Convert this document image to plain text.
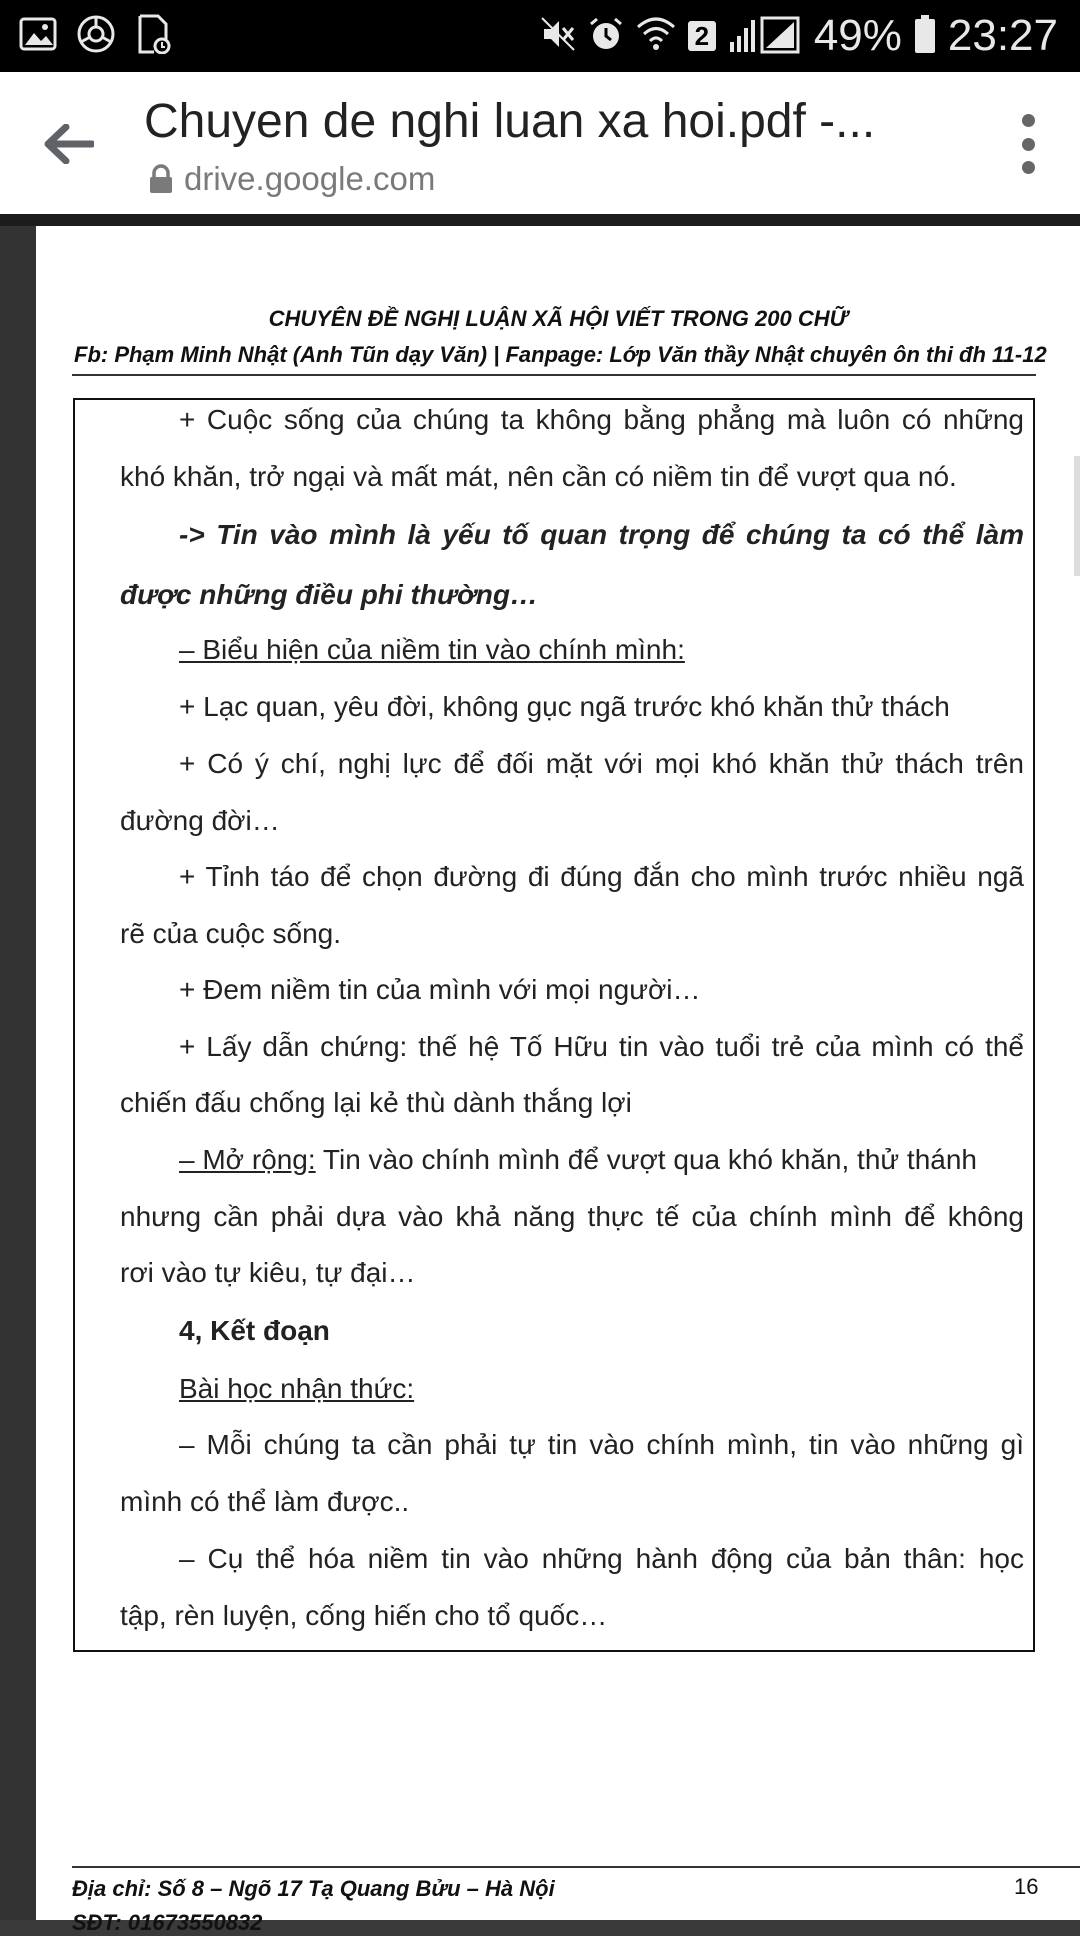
2 49% 23:27
Chuyen de nghi luan xa hoi.pdf -...
drive.google.com
CHUYÊN ĐỀ NGHỊ LUẬN XÃ HỘI VIẾT TRONG 200 CHỮ
Fb: Phạm Minh Nhật (Anh Tũn dạy Văn) | Fanpage: Lớp Văn thầy Nhật chuyên ôn thi đh 11-12
+ Cuộc sống của chúng ta không bằng phẳng mà luôn có những
khó khăn, trở ngại và mất mát, nên cần có niềm tin để vượt qua nó.
-> Tin vào mình là yếu tố quan trọng để chúng ta có thể làm
được những điều phi thường…
– Biểu hiện của niềm tin vào chính mình:
+ Lạc quan, yêu đời, không gục ngã trước khó khăn thử thách
+ Có ý chí, nghị lực để đối mặt với mọi khó khăn thử thách trên
đường đời…
+ Tỉnh táo để chọn đường đi đúng đắn cho mình trước nhiều ngã
rẽ của cuộc sống.
+ Đem niềm tin của mình với mọi người…
+ Lấy dẫn chứng: thế hệ Tố Hữu tin vào tuổi trẻ của mình có thể
chiến đấu chống lại kẻ thù dành thắng lợi
– Mở rộng: Tin vào chính mình để vượt qua khó khăn, thử thánh
nhưng cần phải dựa vào khả năng thực tế của chính mình để không
rơi vào tự kiêu, tự đại…
4, Kết đoạn
Bài học nhận thức:
– Mỗi chúng ta cần phải tự tin vào chính mình, tin vào những gì
mình có thể làm được..
– Cụ thể hóa niềm tin vào những hành động của bản thân: học
tập, rèn luyện, cống hiến cho tổ quốc…
Địa chỉ: Số 8 – Ngõ 17 Tạ Quang Bửu – Hà Nội	16
SĐT: 01673550832
